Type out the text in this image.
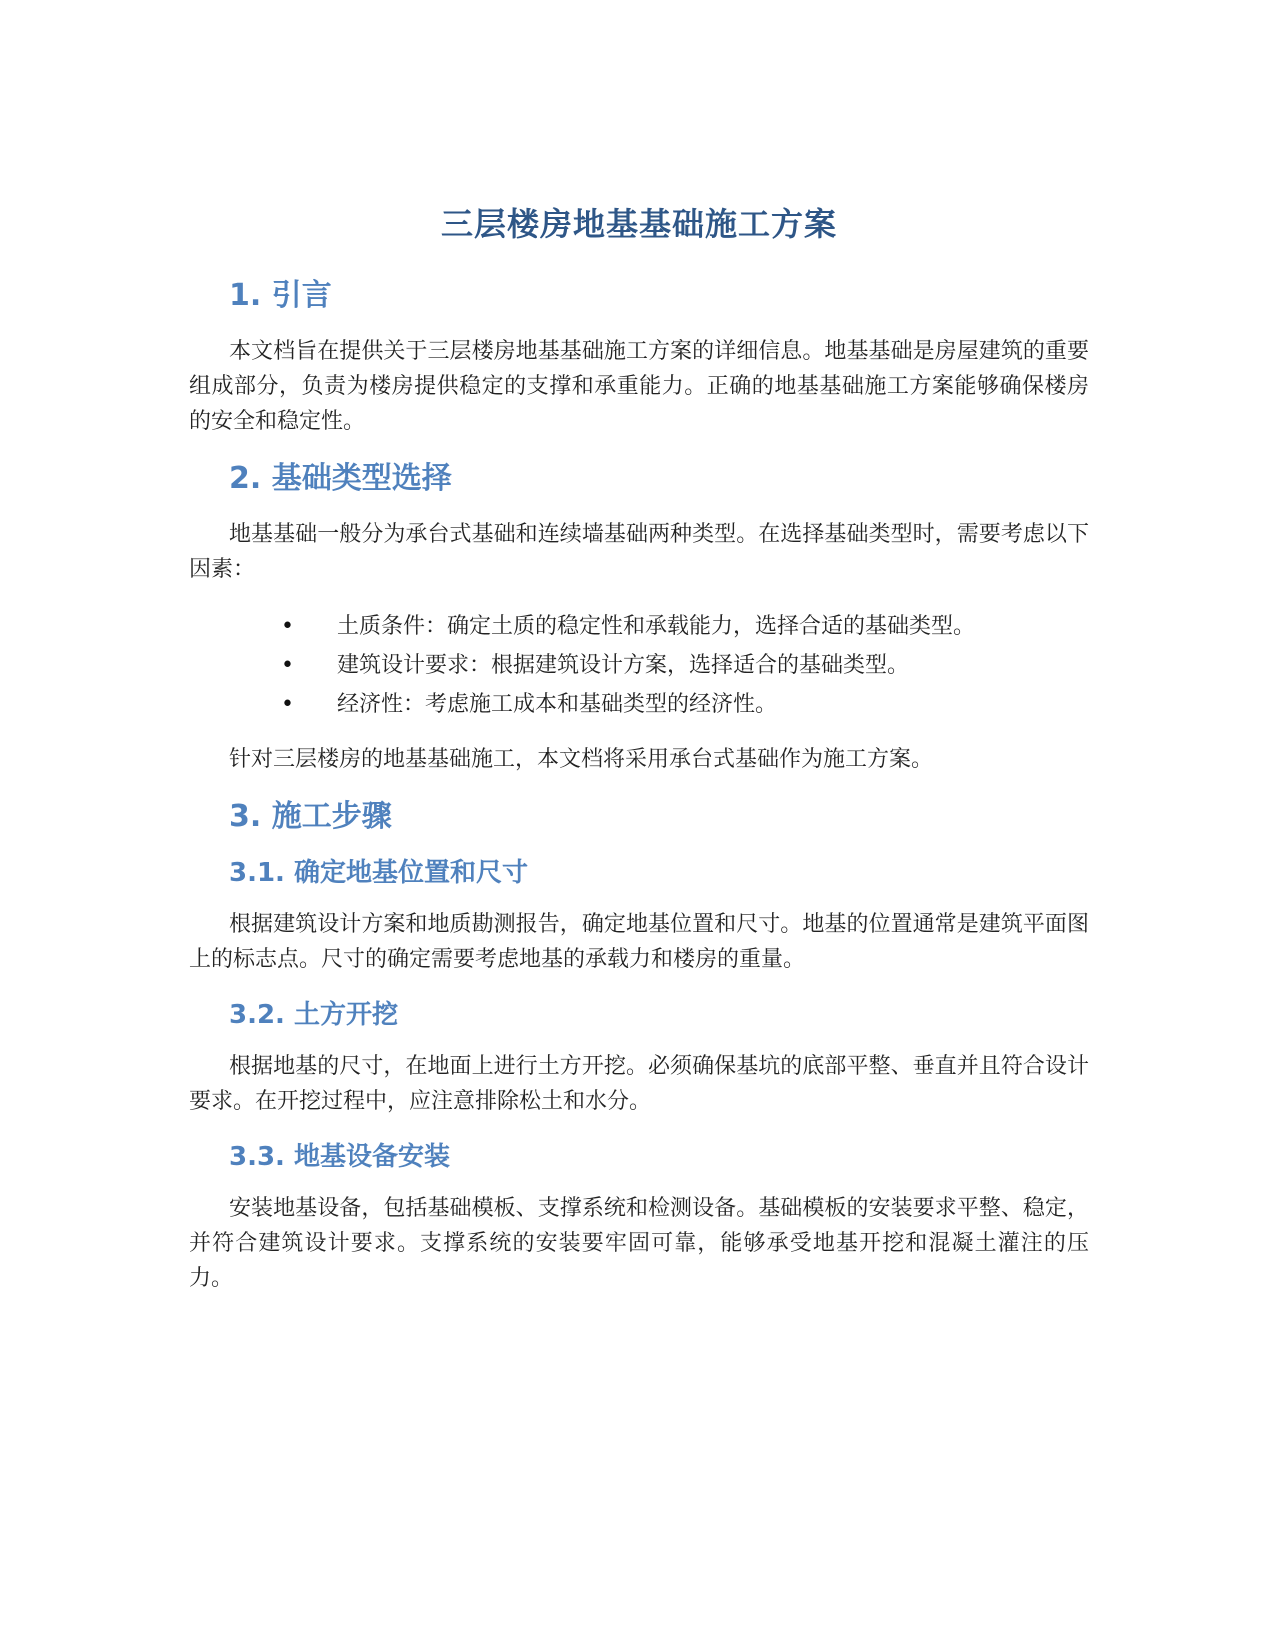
三层楼房地基基础施工方案
1. 引言

本文档旨在提供关于三层楼房地基基础施工方案的详细信息。地基基础是房屋建筑的重要组成部分，负责为楼房提供稳定的支撑和承重能力。正确的地基基础施工方案能够确保楼房的安全和稳定性。

2. 基础类型选择

地基基础一般分为承台式基础和连续墙基础两种类型。在选择基础类型时，需要考虑以下因素：

• 土质条件：确定土质的稳定性和承载能力，选择合适的基础类型。
• 建筑设计要求：根据建筑设计方案，选择适合的基础类型。
• 经济性：考虑施工成本和基础类型的经济性。

针对三层楼房的地基基础施工，本文档将采用承台式基础作为施工方案。

3. 施工步骤
3.1. 确定地基位置和尺寸

根据建筑设计方案和地质勘测报告，确定地基位置和尺寸。地基的位置通常是建筑平面图上的标志点。尺寸的确定需要考虑地基的承载力和楼房的重量。

3.2. 土方开挖

根据地基的尺寸，在地面上进行土方开挖。必须确保基坑的底部平整、垂直并且符合设计要求。在开挖过程中，应注意排除松土和水分。

3.3. 地基设备安装

安装地基设备，包括基础模板、支撑系统和检测设备。基础模板的安装要求平整、稳定，并符合建筑设计要求。支撑系统的安装要牢固可靠，能够承受地基开挖和混凝土灌注的压力。
